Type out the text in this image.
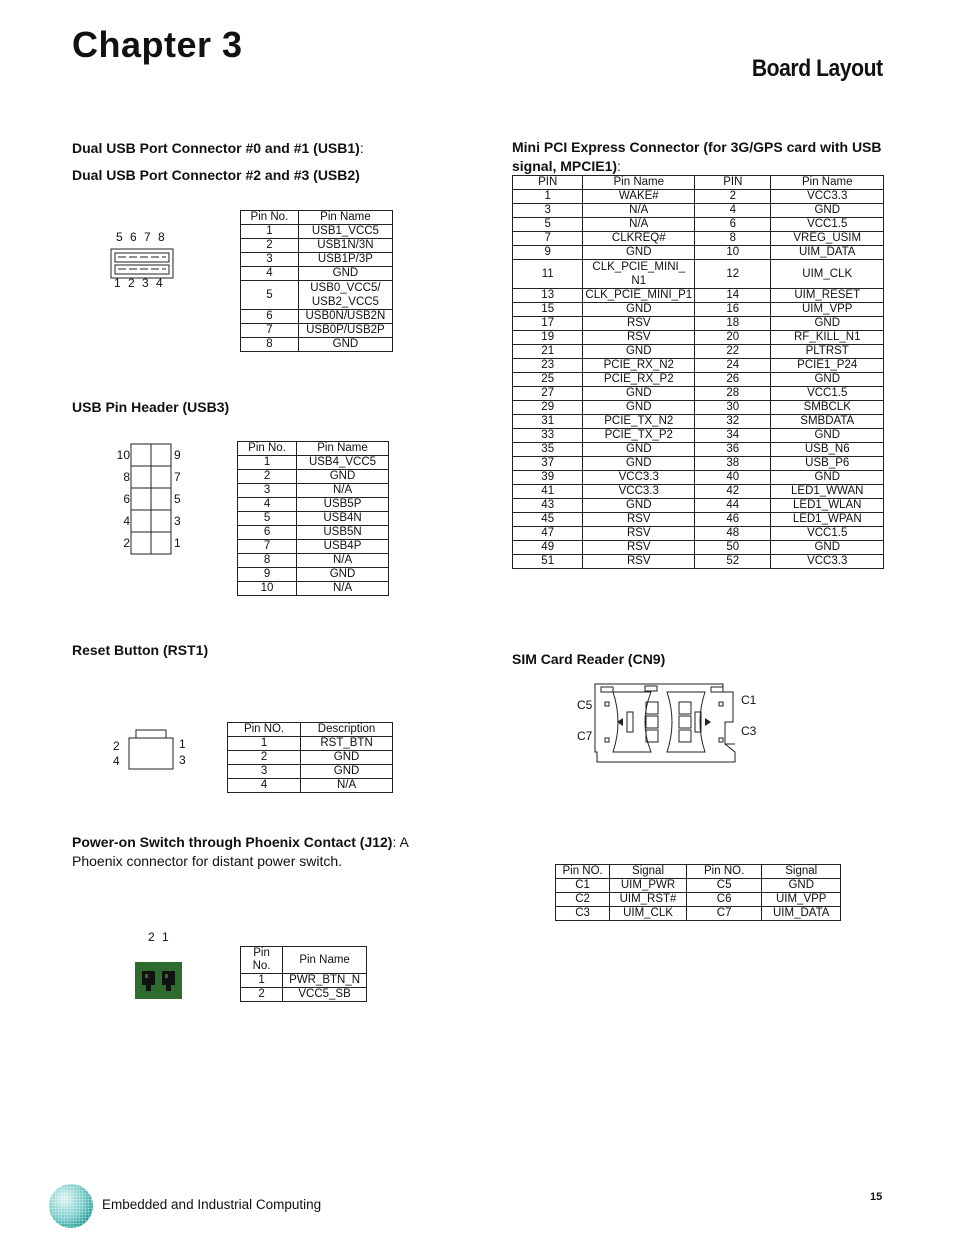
Chapter 3
Board Layout
Dual USB Port Connector #0 and #1 (USB1):
Dual USB Port Connector #2 and #3 (USB2)
5 6 7 8
1 2 3 4
Pin No.	Pin Name
1	USB1_VCC5
2	USB1N/3N
3	USB1P/3P
4	GND
5	USB0_VCC5/
USB2_VCC5
6	USB0N/USB2N
7	USB0P/USB2P
8	GND
USB Pin Header (USB3)
10
8
6
4
2
9
7
5
3
1
Pin No.	Pin Name
1	USB4_VCC5
2	GND
3	N/A
4	USB5P
5	USB4N
6	USB5N
7	USB4P
8	N/A
9	GND
10	N/A
Reset Button (RST1)
2
4
1
3
Pin NO.	Description
1	RST_BTN
2	GND
3	GND
4	N/A
Power-on Switch through Phoenix Contact (J12): A Phoenix connector for distant power switch.
2 1
Pin No.	Pin Name
1	PWR_BTN_N
2	VCC5_SB
Mini PCI Express Connector (for 3G/GPS card with USB signal, MPCIE1):
PIN	Pin Name	PIN	Pin Name
1	WAKE#	2	VCC3.3
3	N/A	4	GND
5	N/A	6	VCC1.5
7	CLKREQ#	8	VREG_USIM
9	GND	10	UIM_DATA
11	CLK_PCIE_MINI_
N1	12	UIM_CLK
13	CLK_PCIE_MINI_P1	14	UIM_RESET
15	GND	16	UIM_VPP
17	RSV	18	GND
19	RSV	20	RF_KILL_N1
21	GND	22	PLTRST
23	PCIE_RX_N2	24	PCIE1_P24
25	PCIE_RX_P2	26	GND
27	GND	28	VCC1.5
29	GND	30	SMBCLK
31	PCIE_TX_N2	32	SMBDATA
33	PCIE_TX_P2	34	GND
35	GND	36	USB_N6
37	GND	38	USB_P6
39	VCC3.3	40	GND
41	VCC3.3	42	LED1_WWAN
43	GND	44	LED1_WLAN
45	RSV	46	LED1_WPAN
47	RSV	48	VCC1.5
49	RSV	50	GND
51	RSV	52	VCC3.3
SIM Card Reader (CN9)
C5
C7
C1
C3
Pin NO.	Signal	Pin NO.	Signal
C1	UIM_PWR	C5	GND
C2	UIM_RST#	C6	UIM_VPP
C3	UIM_CLK	C7	UIM_DATA
Embedded and Industrial Computing	15
